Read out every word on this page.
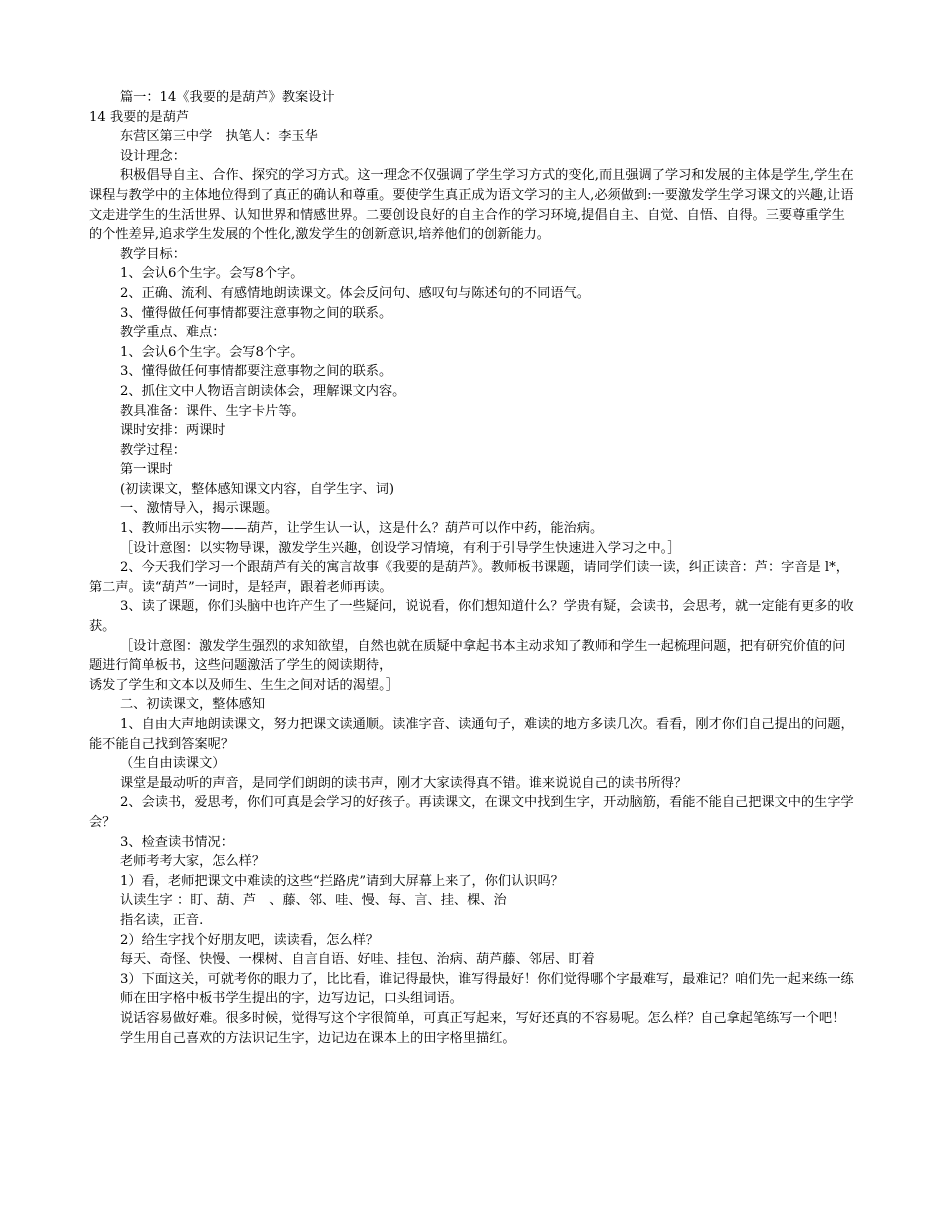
篇一：14《我要的是葫芦》教案设计

14 我要的是葫芦

东营区第三中学　执笔人：李玉华

设计理念：

积极倡导自主、合作、探究的学习方式。这一理念不仅强调了学生学习方式的变化,而且强调了学习和发展的主体是学生,学生在课程与教学中的主体地位得到了真正的确认和尊重。要使学生真正成为语文学习的主人,必须做到:一要激发学生学习课文的兴趣,让语文走进学生的生活世界、认知世界和情感世界。二要创设良好的自主合作的学习环境,提倡自主、自觉、自悟、自得。三要尊重学生的个性差异,追求学生发展的个性化,激发学生的创新意识,培养他们的创新能力。

教学目标：

1、会认6个生字。会写8个字。

2、正确、流利、有感情地朗读课文。体会反问句、感叹句与陈述句的不同语气。

3、懂得做任何事情都要注意事物之间的联系。

教学重点、难点：

1、会认6个生字。会写8个字。

3、懂得做任何事情都要注意事物之间的联系。

2、抓住文中人物语言朗读体会，理解课文内容。

教具准备：课件、生字卡片等。

课时安排：两课时

教学过程：

第一课时

(初读课文，整体感知课文内容，自学生字、词)

一、激情导入，揭示课题。

1、教师出示实物——葫芦，让学生认一认，这是什么？葫芦可以作中药，能治病。

［设计意图：以实物导课，激发学生兴趣，创设学习情境，有利于引导学生快速进入学习之中。］

2、今天我们学习一个跟葫芦有关的寓言故事《我要的是葫芦》。教师板书课题，请同学们读一读，纠正读音：芦：字音是 l*，第二声。读“葫芦”一词时，是轻声，跟着老师再读。

3、读了课题，你们头脑中也许产生了一些疑问，说说看，你们想知道什么？学贵有疑，会读书，会思考，就一定能有更多的收获。

［设计意图：激发学生强烈的求知欲望，自然也就在质疑中拿起书本主动求知了教师和学生一起梳理问题，把有研究价值的问题进行简单板书，这些问题激活了学生的阅读期待，

诱发了学生和文本以及师生、生生之间对话的渴望。］

二、初读课文，整体感知

1、自由大声地朗读课文，努力把课文读通顺。读准字音、读通句子，难读的地方多读几次。看看，刚才你们自己提出的问题，能不能自己找到答案呢？

（生自由读课文）

课堂是最动听的声音，是同学们朗朗的读书声，刚才大家读得真不错。谁来说说自己的读书所得？

2、会读书，爱思考，你们可真是会学习的好孩子。再读课文，在课文中找到生字，开动脑筋，看能不能自己把课文中的生字学会？

3、检查读书情况：

老师考考大家，怎么样？

1）看，老师把课文中难读的这些“拦路虎”请到大屏幕上来了，你们认识吗？

认读生字 ：盯、葫、芦　、藤、邻、哇、慢、每、言、挂、棵、治

指名读，正音.

2）给生字找个好朋友吧，读读看，怎么样？

每天、奇怪、快慢、一棵树、自言自语、好哇、挂包、治病、葫芦藤、邻居、盯着

3）下面这关，可就考你的眼力了，比比看，谁记得最快，谁写得最好！你们觉得哪个字最难写，最难记？咱们先一起来练一练

师在田字格中板书学生提出的字，边写边记，口头组词语。

说话容易做好难。很多时候，觉得写这个字很简单，可真正写起来，写好还真的不容易呢。怎么样？自己拿起笔练写一个吧！

学生用自己喜欢的方法识记生字，边记边在课本上的田字格里描红。
